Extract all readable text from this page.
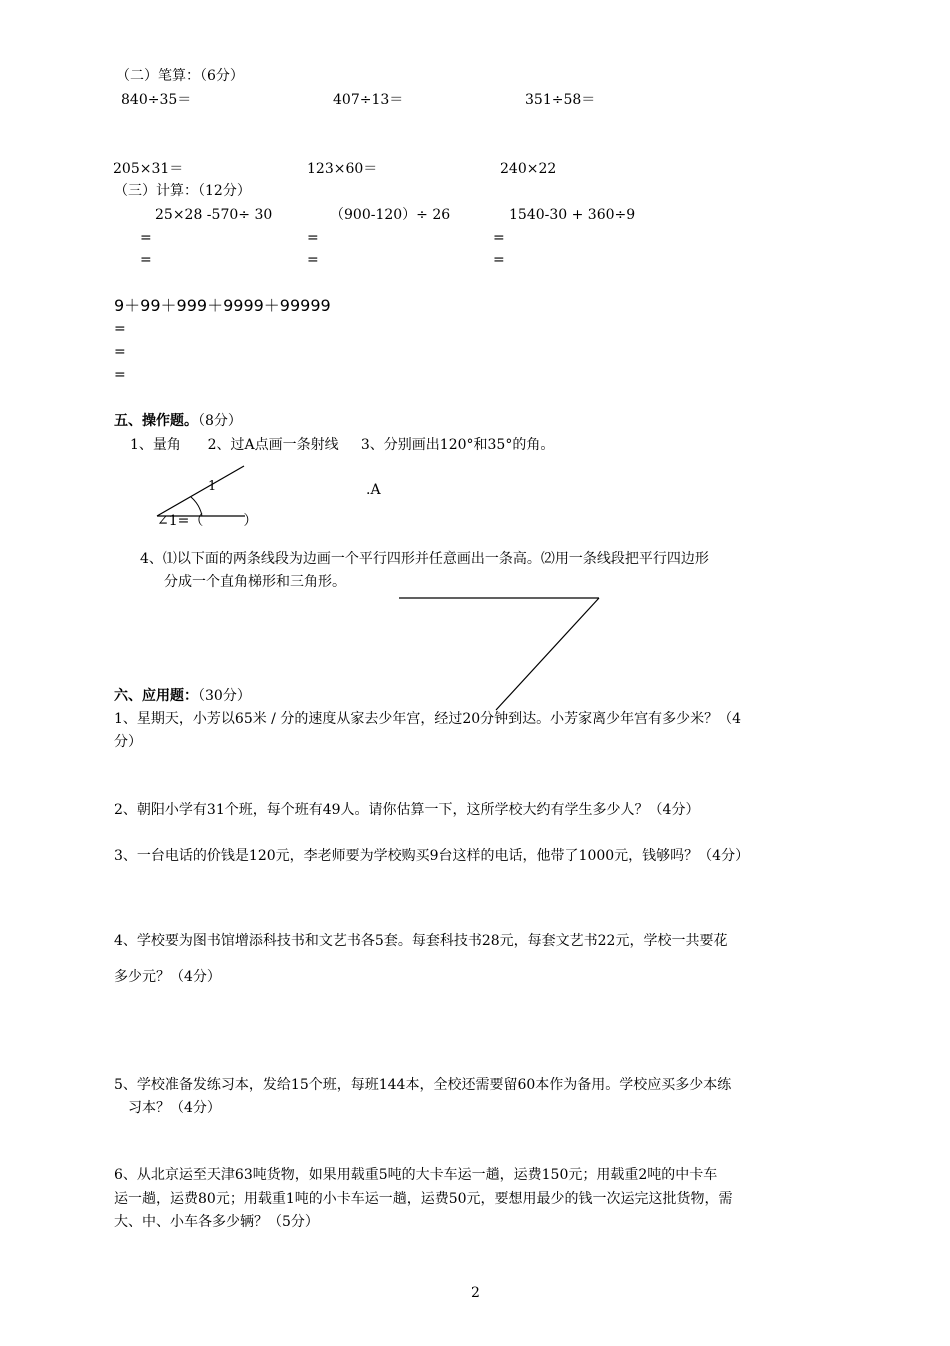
（二）笔算：（6分）
840÷35＝	407÷13＝	351÷58＝
205×31＝	123×60＝	240×22
（三）计算：（12分）
25×28 -570÷ 30	（900-120）÷ 26	1540-30 + 360÷9
=	=	=
=	=	=
9＋99＋999＋9999＋99999
=
=
=
五、操作题。（8分）
1、量角      2、过A点画一条射线     3、分别画出120°和35°的角。
1
∠1=（         ）
.A
4、⑴以下面的两条线段为边画一个平行四形并任意画出一条高。⑵用一条线段把平行四边形
分成一个直角梯形和三角形。
六、应用题：（30分）
1、星期天，小芳以65米 / 分的速度从家去少年宫，经过20分钟到达。小芳家离少年宫有多少米？（4
分）
2、朝阳小学有31个班，每个班有49人。请你估算一下，这所学校大约有学生多少人？（4分）
3、一台电话的价钱是120元，李老师要为学校购买9台这样的电话，他带了1000元，钱够吗？（4分）
4、学校要为图书馆增添科技书和文艺书各5套。每套科技书28元，每套文艺书22元，学校一共要花
多少元？（4分）
5、学校准备发练习本，发给15个班，每班144本，全校还需要留60本作为备用。学校应买多少本练
习本？（4分）
6、从北京运至天津63吨货物，如果用载重5吨的大卡车运一趟，运费150元；用载重2吨的中卡车
运一趟，运费80元；用载重1吨的小卡车运一趟，运费50元，要想用最少的钱一次运完这批货物，需
大、中、小车各多少辆？（5分）
2
